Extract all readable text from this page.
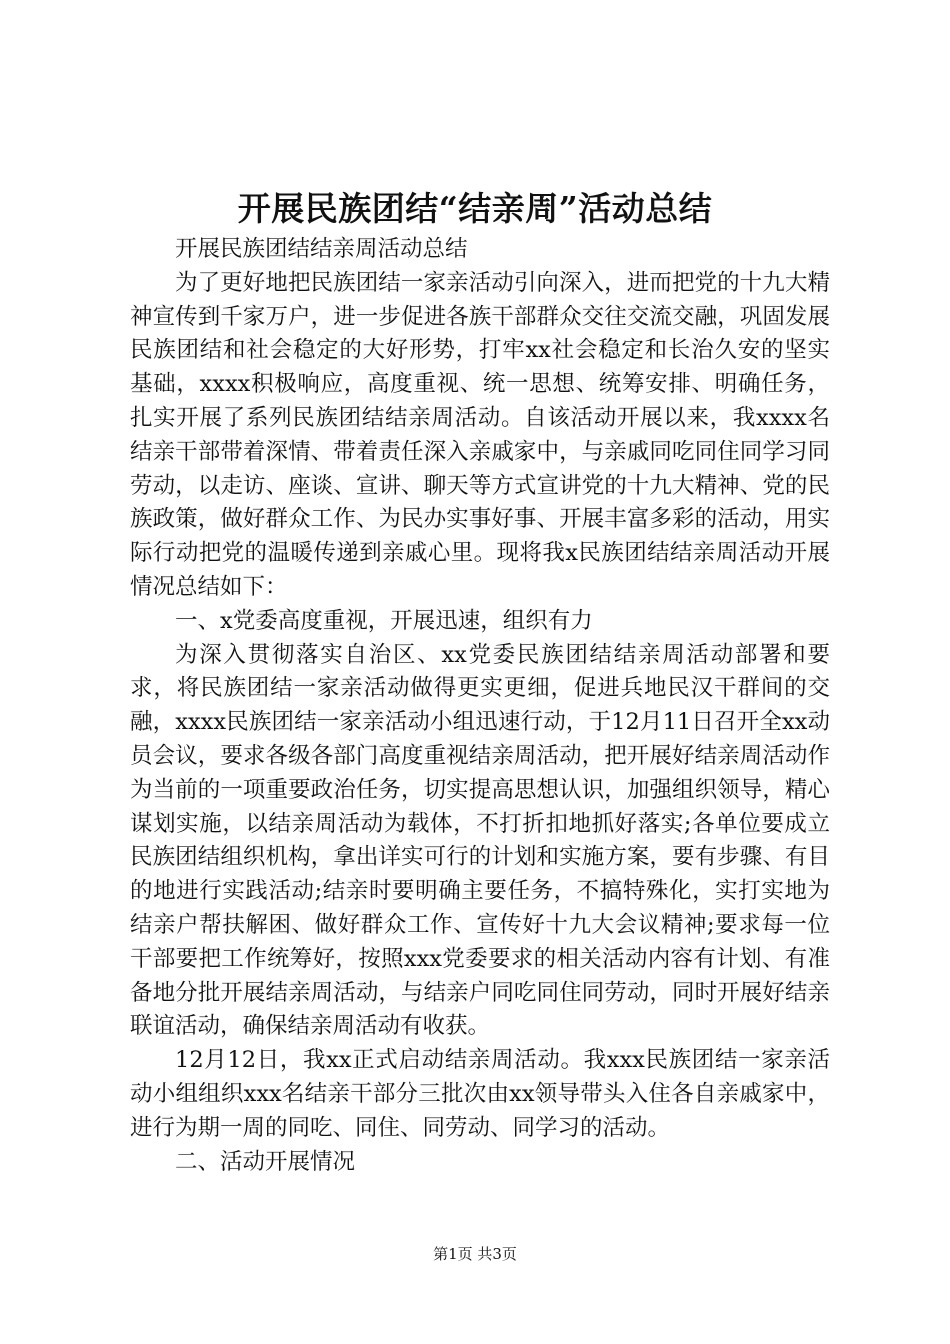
开展民族团结“结亲周”活动总结

开展民族团结结亲周活动总结

为了更好地把民族团结一家亲活动引向深入，进而把党的十九大精神宣传到千家万户，进一步促进各族干部群众交往交流交融，巩固发展民族团结和社会稳定的大好形势，打牢xx社会稳定和长治久安的坚实基础，xxxx积极响应，高度重视、统一思想、统筹安排、明确任务，扎实开展了系列民族团结结亲周活动。自该活动开展以来，我xxxx名结亲干部带着深情、带着责任深入亲戚家中，与亲戚同吃同住同学习同劳动，以走访、座谈、宣讲、聊天等方式宣讲党的十九大精神、党的民族政策，做好群众工作、为民办实事好事、开展丰富多彩的活动，用实际行动把党的温暖传递到亲戚心里。现将我x民族团结结亲周活动开展情况总结如下：

一、x党委高度重视，开展迅速，组织有力

为深入贯彻落实自治区、xx党委民族团结结亲周活动部署和要求，将民族团结一家亲活动做得更实更细，促进兵地民汉干群间的交融，xxxx民族团结一家亲活动小组迅速行动，于12月11日召开全xx动员会议，要求各级各部门高度重视结亲周活动，把开展好结亲周活动作为当前的一项重要政治任务，切实提高思想认识，加强组织领导，精心谋划实施，以结亲周活动为载体，不打折扣地抓好落实;各单位要成立民族团结组织机构，拿出详实可行的计划和实施方案，要有步骤、有目的地进行实践活动;结亲时要明确主要任务，不搞特殊化，实打实地为结亲户帮扶解困、做好群众工作、宣传好十九大会议精神;要求每一位干部要把工作统筹好，按照xxx党委要求的相关活动内容有计划、有准备地分批开展结亲周活动，与结亲户同吃同住同劳动，同时开展好结亲联谊活动，确保结亲周活动有收获。

12月12日，我xx正式启动结亲周活动。我xxx民族团结一家亲活动小组组织xxx名结亲干部分三批次由xx领导带头入住各自亲戚家中，进行为期一周的同吃、同住、同劳动、同学习的活动。

二、活动开展情况

第1页 共3页
